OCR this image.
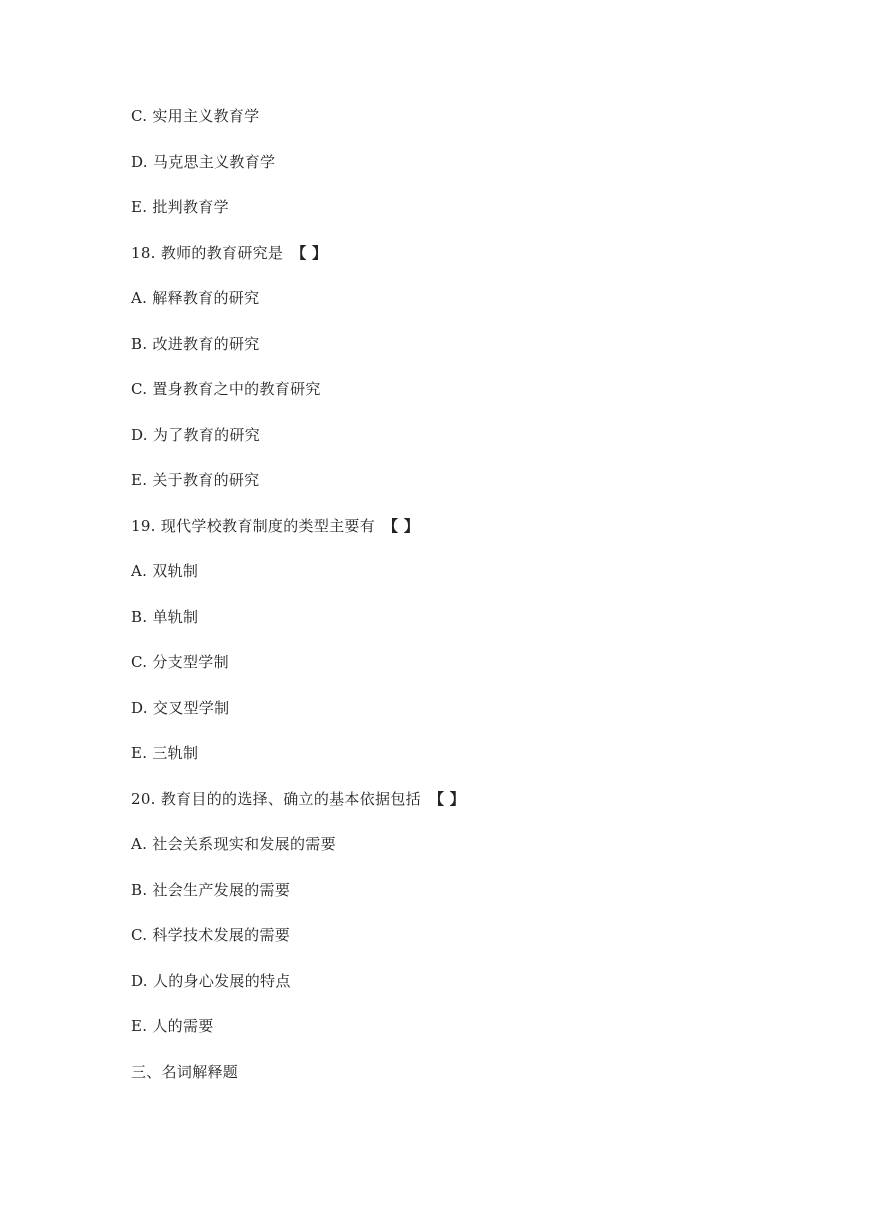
C. 实用主义教育学
D. 马克思主义教育学
E. 批判教育学
18. 教师的教育研究是 【 】
A. 解释教育的研究
B. 改进教育的研究
C. 置身教育之中的教育研究
D. 为了教育的研究
E. 关于教育的研究
19. 现代学校教育制度的类型主要有 【 】
A. 双轨制
B. 单轨制
C. 分支型学制
D. 交叉型学制
E. 三轨制
20. 教育目的的选择、确立的基本依据包括 【 】
A. 社会关系现实和发展的需要
B. 社会生产发展的需要
C. 科学技术发展的需要
D. 人的身心发展的特点
E. 人的需要
三、名词解释题
